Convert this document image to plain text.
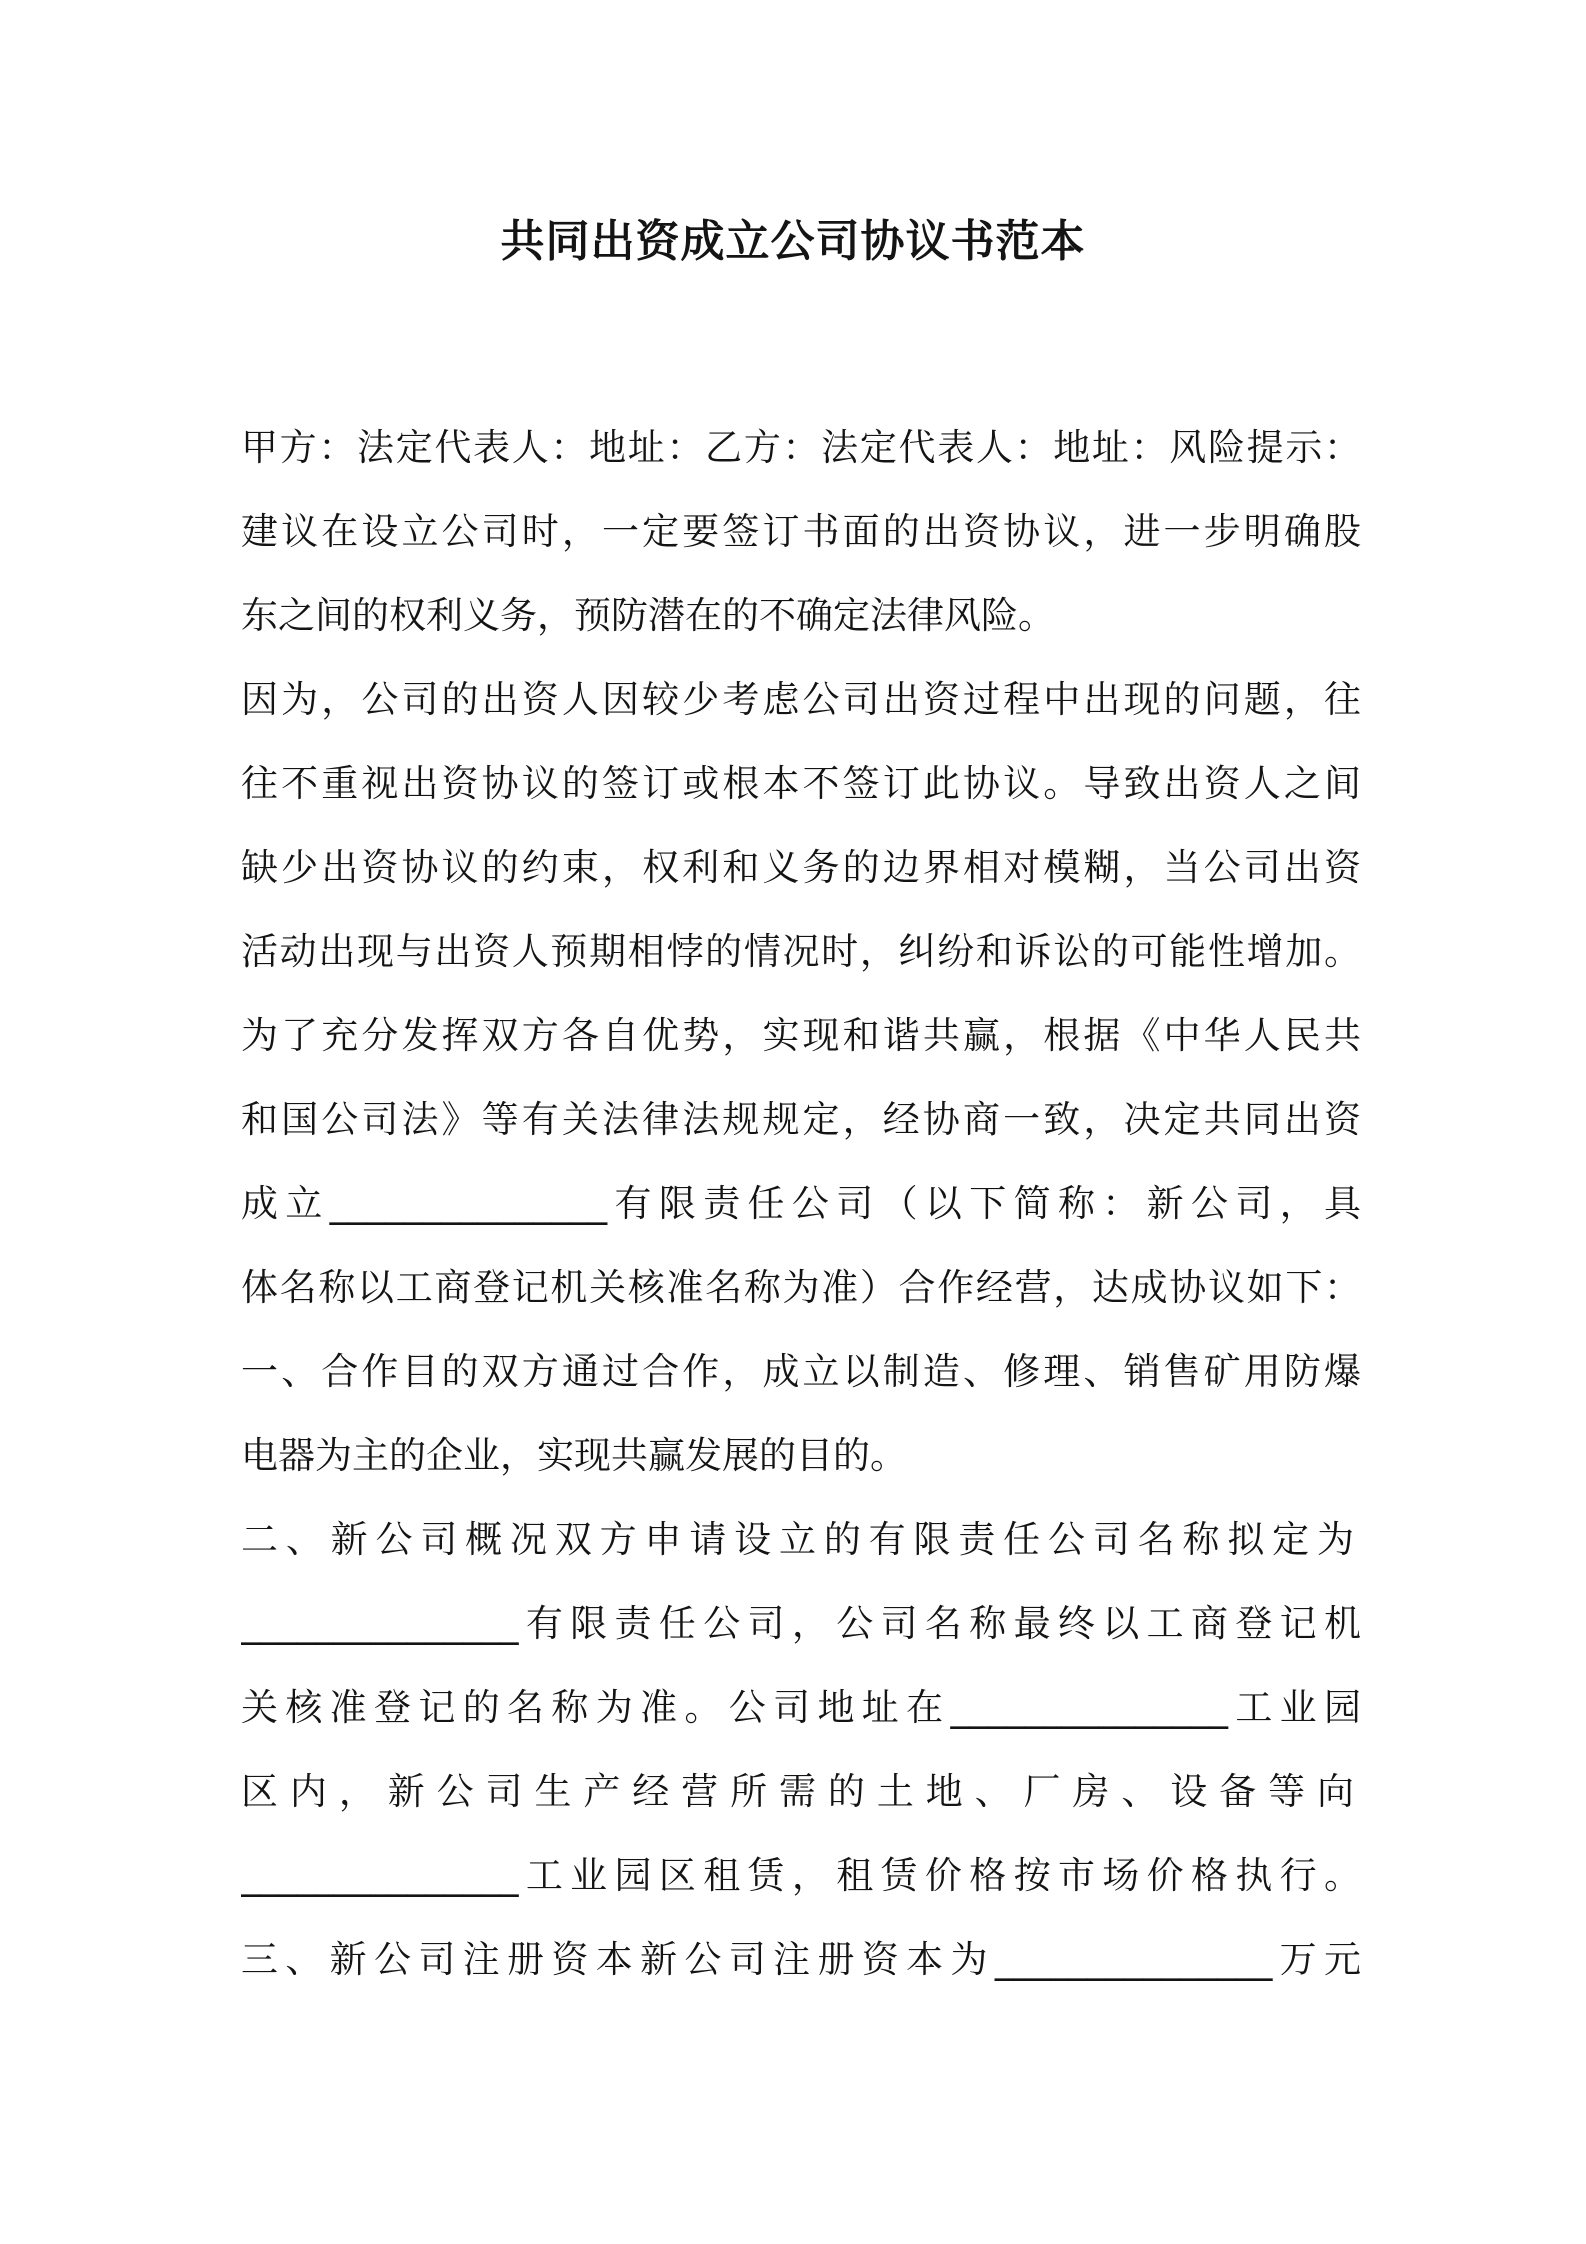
共同出资成立公司协议书范本
甲方：法定代表人：地址：乙方：法定代表人：地址：风险提示：
建议在设立公司时，一定要签订书面的出资协议，进一步明确股
东之间的权利义务，预防潜在的不确定法律风险。
因为，公司的出资人因较少考虑公司出资过程中出现的问题，往
往不重视出资协议的签订或根本不签订此协议。导致出资人之间
缺少出资协议的约束，权利和义务的边界相对模糊，当公司出资
活动出现与出资人预期相悖的情况时，纠纷和诉讼的可能性增加。
为了充分发挥双方各自优势，实现和谐共赢，根据《中华人民共
和国公司法》等有关法律法规规定，经协商一致，决定共同出资
成立_______________有限责任公司（以下简称：新公司，具
体名称以工商登记机关核准名称为准）合作经营，达成协议如下：
一、合作目的双方通过合作，成立以制造、修理、销售矿用防爆
电器为主的企业，实现共赢发展的目的。
二、新公司概况双方申请设立的有限责任公司名称拟定为
_______________有限责任公司，公司名称最终以工商登记机
关核准登记的名称为准。公司地址在_______________工业园
区内，新公司生产经营所需的土地、厂房、设备等向
_______________工业园区租赁，租赁价格按市场价格执行。
三、新公司注册资本新公司注册资本为_______________万元
